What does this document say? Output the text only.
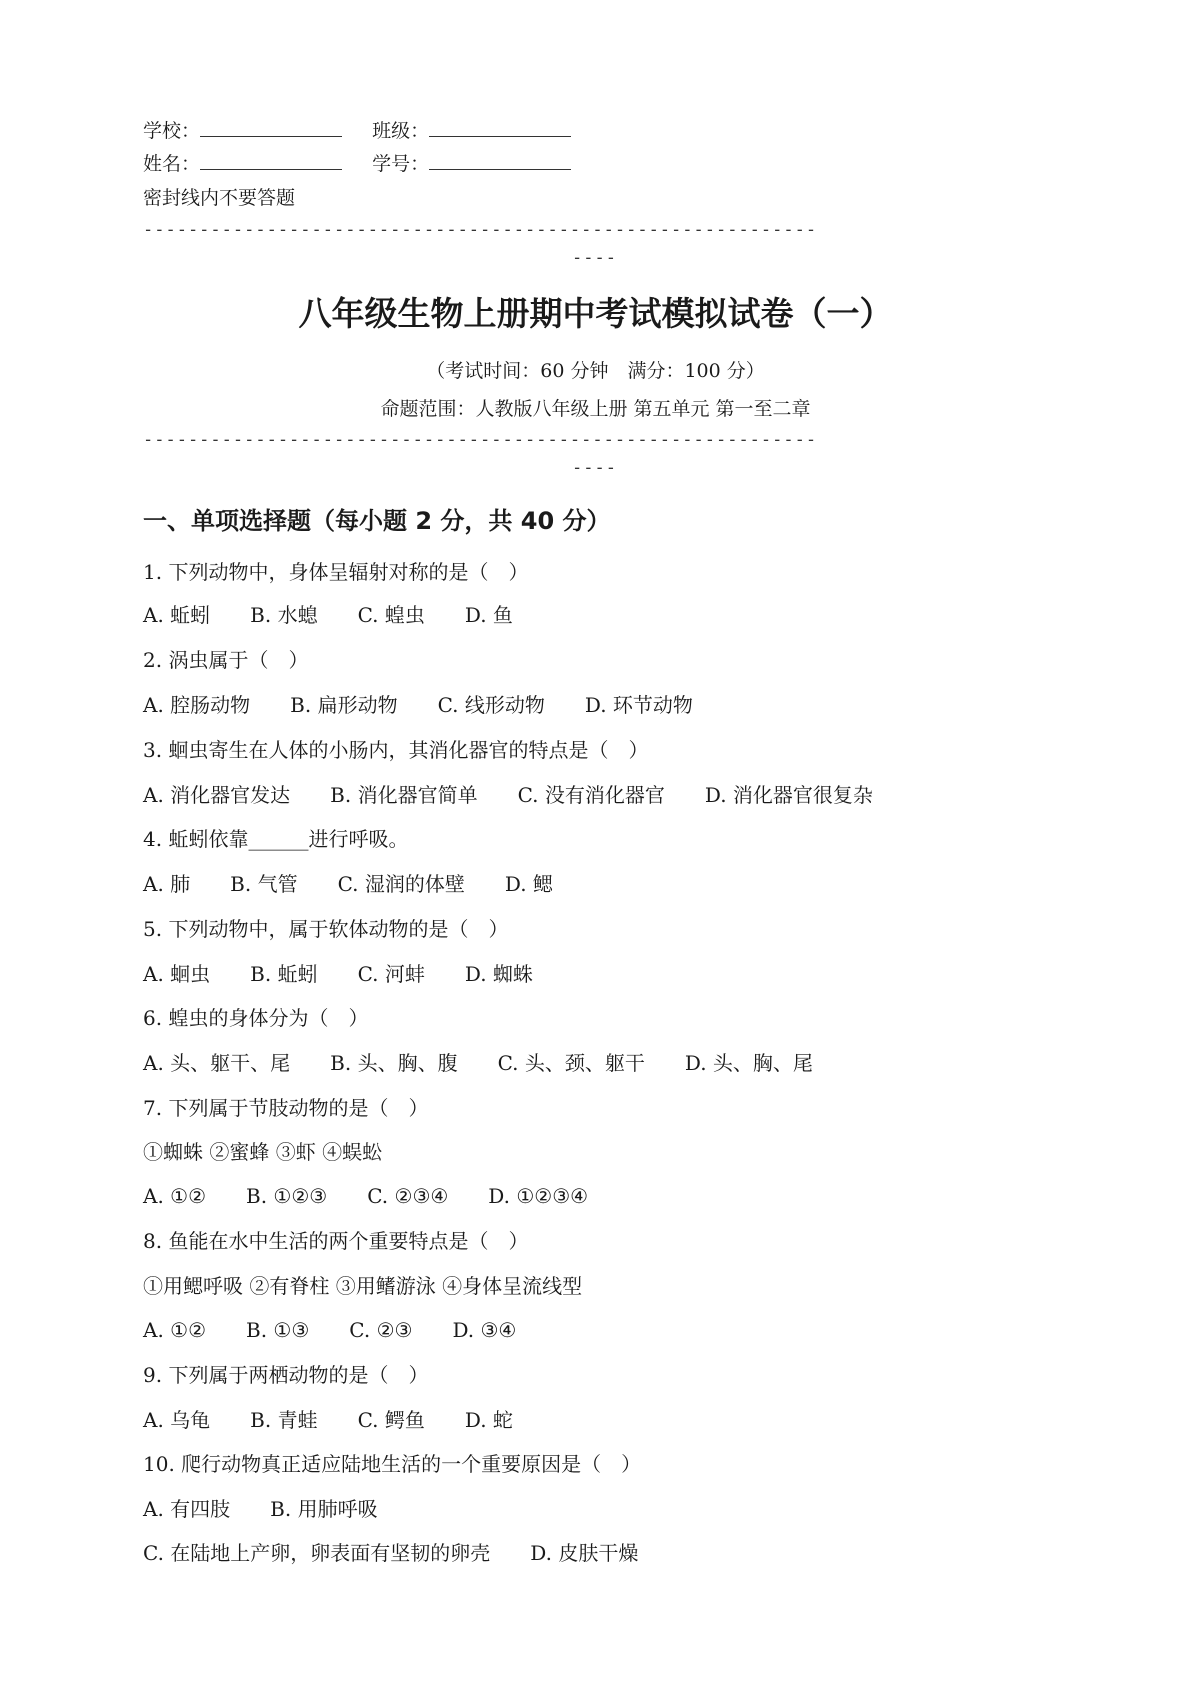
学校：	班级：
姓名：	学号：
密封线内不要答题
------------------------------------------------------------
----
八年级生物上册期中考试模拟试卷（一）
（考试时间：60 分钟　满分：100 分）
命题范围：人教版八年级上册 第五单元 第一至二章
------------------------------------------------------------
----
一、单项选择题（每小题 2 分，共 40 分）
1. 下列动物中，身体呈辐射对称的是（　）
A. 蚯蚓　　B. 水螅　　C. 蝗虫　　D. 鱼
2. 涡虫属于（　）
A. 腔肠动物　　B. 扁形动物　　C. 线形动物　　D. 环节动物
3. 蛔虫寄生在人体的小肠内，其消化器官的特点是（　）
A. 消化器官发达　　B. 消化器官简单　　C. 没有消化器官　　D. 消化器官很复杂
4. 蚯蚓依靠______进行呼吸。
A. 肺　　B. 气管　　C. 湿润的体壁　　D. 鳃
5. 下列动物中，属于软体动物的是（　）
A. 蛔虫　　B. 蚯蚓　　C. 河蚌　　D. 蜘蛛
6. 蝗虫的身体分为（　）
A. 头、躯干、尾　　B. 头、胸、腹　　C. 头、颈、躯干　　D. 头、胸、尾
7. 下列属于节肢动物的是（　）
①蜘蛛 ②蜜蜂 ③虾 ④蜈蚣
A. ①②　　B. ①②③　　C. ②③④　　D. ①②③④
8. 鱼能在水中生活的两个重要特点是（　）
①用鳃呼吸 ②有脊柱 ③用鳍游泳 ④身体呈流线型
A. ①②　　B. ①③　　C. ②③　　D. ③④
9. 下列属于两栖动物的是（　）
A. 乌龟　　B. 青蛙　　C. 鳄鱼　　D. 蛇
10. 爬行动物真正适应陆地生活的一个重要原因是（　）
A. 有四肢　　B. 用肺呼吸
C. 在陆地上产卵，卵表面有坚韧的卵壳　　D. 皮肤干燥
